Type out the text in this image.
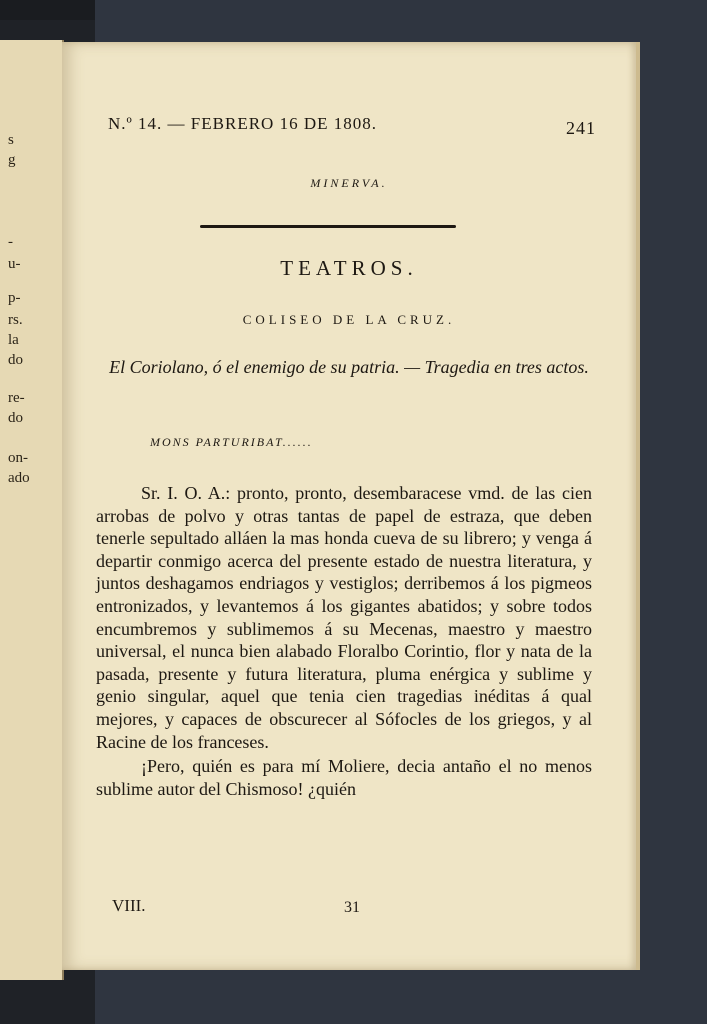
s
g
-
u-
p-
rs.
la
do
re-
do
on-
ado
N.º 14. — FEBRERO 16 DE 1808.	241
MINERVA.
TEATROS.
COLISEO DE LA CRUZ.
El Coriolano, ó el enemigo de su patria. — Tragedia en tres actos.
MONS PARTURIBAT......

Sr. I. O. A.: pronto, pronto, desembaracese vmd. de las cien arrobas de polvo y otras tantas de papel de estraza, que deben tenerle sepultado alláen la mas honda cueva de su librero; y venga á departir conmigo acerca del presente estado de nuestra literatura, y juntos deshagamos endriagos y vestiglos; derribemos á los pigmeos entronizados, y levantemos á los gigantes abatidos; y sobre todos encumbremos y sublimemos á su Mecenas, maestro y maestro universal, el nunca bien alabado Floralbo Corintio, flor y nata de la pasada, presente y futura literatura, pluma enérgica y sublime y genio singular, aquel que tenia cien tragedias inéditas á qual mejores, y capaces de obscurecer al Sófocles de los griegos, y al Racine de los franceses.

¡Pero, quién es para mí Moliere, decia antaño el no menos sublime autor del Chismoso! ¿quién

VIII.	31
